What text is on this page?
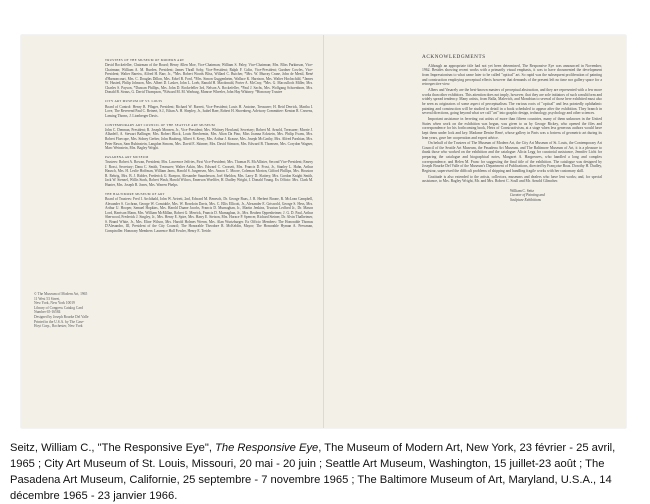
© The Museum of Modern Art, 1965
11 West 53 Street,
New York, New York 10019
Library of Congress Catalog Card
Number 65-16584
Designed by Joseph Bourke Del Valle
Printed in the U.S.A. by The Case-
Hoyt Corp., Rochester, New York
TRUSTEES OF THE MUSEUM OF MODERN ART
David Rockefeller, Chairman of the Board; Henry Allen Moe, Vice-Chairman; William S. Paley, Vice-Chairman; Mrs. Bliss Parkinson, Vice-Chairman; William A. M. Burden, President; James Thrall Soby, Vice-President; Ralph F. Colin, Vice-President; Gardner Cowles, Vice-President; Walter Bareiss, Alfred H. Barr, Jr., *Mrs. Robert Woods Bliss, Willard C. Butcher, *Mrs. W. Murray Crane, John de Menil, René d'Harnoncourt, Mrs. C. Douglas Dillon, Mrs. Edsel B. Ford, *Mrs. Simon Guggenheim, Wallace K. Harrison, Mrs. Walter Hochschild, *James W. Husted, Philip Johnson, Mrs. Albert D. Lasker, John L. Loeb, Ranald H. Macdonald, Porter A. McCray, *Mrs. G. Macculloch Miller, Mrs. Charles S. Payson, *Duncan Phillips, Mrs. John D. Rockefeller 3rd, Nelson A. Rockefeller, *Paul J. Sachs, Mrs. Wolfgang Schoenborn, Mrs. Donald B. Straus, G. David Thompson, *Edward M. M. Warburg, Monroe Wheeler, John Hay Whitney. *Honorary Trustee
CITY ART MUSEUM OF ST. LOUIS
Board of Control: Henry B. Pflager, President; Richard W. Barrett, Vice-President; Louis H. Antoine, Treasurer; H. Reid Derrick, Martha I. Love, The Reverend Paul C. Reinert, S.J., Ethan A. H. Shepley, Jr., Isabel Baer, Robert H. Shoenberg. Advisory Committee: Kenton R. Cravens, Lansing Thoms, J. Lionberger Davis.
CONTEMPORARY ART COUNCIL OF THE SEATTLE ART MUSEUM
John C. Denman, President; R. Joseph Monsen, Jr., Vice-President; Mrs. Whitney Howland, Secretary; Robert M. Arnold, Treasurer; Morrie J. Alhadeff, A. Stewart Ballinger, Mrs. Robert Block, Louis Brechemin, Mrs. Alton Da Pino, Miss Joanna Eckstein, Mrs. Philip Evans, Mrs. Robert Floecope, Mrs. Sidney Gerber, John Hauberg, Albert S. Kerry, Mrs. Arthur J. Krause, Mrs. Joseph McCarthy, Mrs. Alfred Parshian, Mrs. Peter Rawn, Sam Rubinstein, Langdon Simons, Mrs. David E. Skinner, Mrs. David Stimson, Mrs. Edward B. Thomsen, Mrs. Corydon Wagner, Marc Weinstein, Mrs. Bagley Wright.
PASADENA ART MUSEUM
Trustees: Robert A. Rowan, President; Mrs. Lawrence Jeffries, First Vice-President; Mrs. Thomas B. McAllister, Second Vice-President; Emery J. Rossi, Secretary; Dana C. Smith, Treasurer; Walter Askin, Mrs. Edward C. Crossett, Mrs. Francis D. Frost, Jr., Stanley L. Hahn, Arthur Hausch, Mrs. H. Leslie Hoffman, William Janss, Harold S. Jurgensen, Mrs. Anson C. Moore, Coleman Morton, Gifford Phillips, Mrs. Houston R. Rehrig, Mrs. B. J. Ridder, Frederick G. Runyon, Alexander Saunderson, Joel Sheldon, Mrs. Larry D. Slattery, Mrs. Gordon Knight Smith, Jack W. Stenzel, Willis Stork, Robert Wash, Harold Wilcox, Emerson Woelffer, H. Dudley Wright, J. Donald Young. Ex Officio: Mrs. Clark M. Hunter, Mrs. Joseph B. Jones, Mrs. Warren Phelps.
THE BALTIMORE MUSEUM OF ART
Board of Trustees: Fred I. Archibald, John W. Avirett, 2nd, Edward M. Benesch, Dr. George Boas, J. R. Herbert Boone, R. McLean Campbell, Alexander S. Cochran, George W. Constable, Mrs. W. Bowdoin Davis, Mrs. C. Ellis Ellicott, Jr., Alexander E. Griswold, George S. Hess, Mrs. Arthur U. Hooper, Samuel Hopkins, Mrs. Harold Duane Jacobs, Francis D. Murnaghan, Jr., Martin Jenkins, Truxtun Ledford Jr., Dr. Mason Lord, Harrison Mann, Mrs. William McMillan, Robert G. Merrick, Francis D. Murnaghan, Jr., Mrs. Reuben Oppenheimer, J. G. D. Paul, Arthur Sherwood, Frederick J. Singley, Jr., Mrs. Henry E. Spire, Mrs. Harry E. Stetson, Mrs. Horace P. Spencer, Richard Steiner, Dr. Alvin Thalheimer, S. Brand White, Jr., Mrs. Eline Wilson, Mrs. Harold Holmes Wrenn, Mrs. Alan Wurtzburger. Ex Officio Members: The Honorable Thomas D'Alesandro, III, President of the City Council; The Honorable Theodore R. McKeldin, Mayor; The Honorable Hyman A. Pressman, Comptroller. Honorary Members: Laurence Hall Fowler, Henry E. Treide.
ACKNOWLEDGMENTS

Although an appropriate title had not yet been determined, The Responsive Eye was announced in November, 1962. Besides showing recent works with a primarily visual emphasis, it was to have documented the development from Impressionism to what came later to be called "optical" art. So rapid was the subsequent proliferation of painting and construction employing perceptual effects however that demands of the present left no time nor gallery space for a retrospective view.

Albers and Vasarely are the best-known masters of perceptual abstraction, and they are represented with a few more works than other exhibitors. This attention does not imply, however, that they are sole initiators of such a multiform and widely spread tendency. Many artists, from Balla, Malevich, and Mondrian to several of those here exhibited must also be seen as originators of some aspect of perceptualism. The various roots of "optical" and less pointedly ophthalmic painting and construction will be studied in detail in a book scheduled to appear after the exhibition. They branch in several directions, going beyond what we call "art" into graphic design, technology, psychology and other sciences.

Important assistance in ferreting out artists of more than fifteen countries, many of them unknown in the United States when work on the exhibition was begun, was given to us by George Rickey, who opened the files and correspondence for his forthcoming book, Heirs of Constructivism, at a stage when less generous authors would have kept them under lock and key. Madame Denise René, whose gallery in Paris was a fortress of geometric art during its lean years, gave her cooperation and expert advice.

On behalf of the Trustees of The Museum of Modern Art, the City Art Museum of St. Louis, the Contemporary Art Council of the Seattle Art Museum, the Pasadena Art Museum, and The Baltimore Museum of Art, it is a pleasure to thank those who worked on the exhibition and the catalogue: Alicia Legg for curatorial assistance, Jennifer Licht for preparing the catalogue and biographical notes, Margaret A. Hargreaves, who handled a long and complex correspondence, and Helen M. Franc for suggesting the final title of the exhibition. The catalogue was designed by Joseph Bourke Del Valle of the Museum's Department of Publications, directed by Françoise Boas. Dorothy H. Dudley, Registrar, supervised the difficult problems of shipping and handling fragile works with her customary skill.

Gratitude is also extended to the artists, collectors, museums and dealers who have lent works; and, for special assistance, to Mrs. Bagley Wright, Mr. and Mrs. Robert C. Scull and Mr. Arnold Glimcher.

William C. Seitz
Curator of Painting and
Sculpture Exhibitions
Seitz, William C., "The Responsive Eye", The Responsive Eye, The Museum of Modern Art, New York, 23 février - 25 avril, 1965 ; City Art Museum of St. Louis, Missouri, 20 mai - 20 juin ; Seattle Art Museum, Washington, 15 juillet-23 août ; The Pasadena Art Museum, Californie, 25 septembre - 7 novembre 1965 ; The Baltimore Museum of Art, Maryland, U.S.A., 14 décembre 1965 - 23 janvier 1966.
